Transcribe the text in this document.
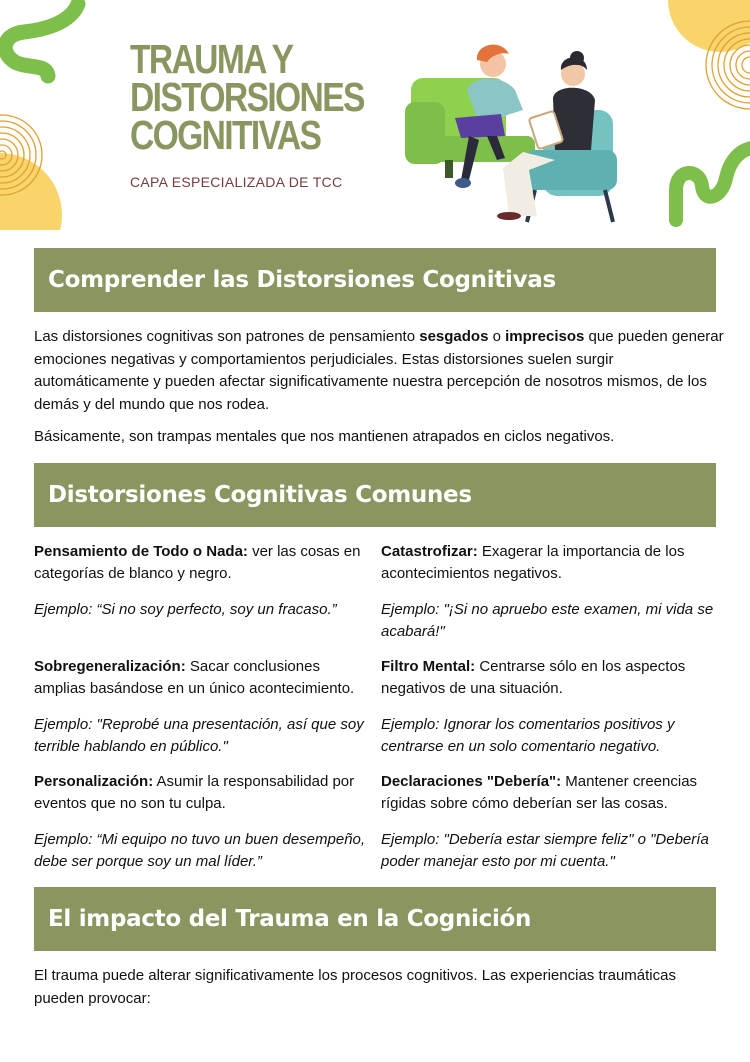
TRAUMA Y
DISTORSIONES
COGNITIVAS
CAPA ESPECIALIZADA DE TCC
Comprender las Distorsiones Cognitivas
Las distorsiones cognitivas son patrones de pensamiento sesgados o imprecisos que pueden generar emociones negativas y comportamientos perjudiciales. Estas distorsiones suelen surgir automáticamente y pueden afectar significativamente nuestra percepción de nosotros mismos, de los demás y del mundo que nos rodea.
Básicamente, son trampas mentales que nos mantienen atrapados en ciclos negativos.
Distorsiones Cognitivas Comunes
Pensamiento de Todo o Nada: ver las cosas en categorías de blanco y negro.
Ejemplo: “Si no soy perfecto, soy un fracaso.”
Catastrofizar: Exagerar la importancia de los acontecimientos negativos.
Ejemplo: "¡Si no apruebo este examen, mi vida se acabará!"
Sobregeneralización: Sacar conclusiones amplias basándose en un único acontecimiento.
Ejemplo: "Reprobé una presentación, así que soy terrible hablando en público."
Filtro Mental: Centrarse sólo en los aspectos negativos de una situación.
Ejemplo: Ignorar los comentarios positivos y centrarse en un solo comentario negativo.
Personalización: Asumir la responsabilidad por eventos que no son tu culpa.
Ejemplo: “Mi equipo no tuvo un buen desempeño, debe ser porque soy un mal líder.”
Declaraciones "Debería": Mantener creencias rígidas sobre cómo deberían ser las cosas.
Ejemplo: "Debería estar siempre feliz" o "Debería poder manejar esto por mi cuenta."
El impacto del Trauma en la Cognición
El trauma puede alterar significativamente los procesos cognitivos. Las experiencias traumáticas pueden provocar:
